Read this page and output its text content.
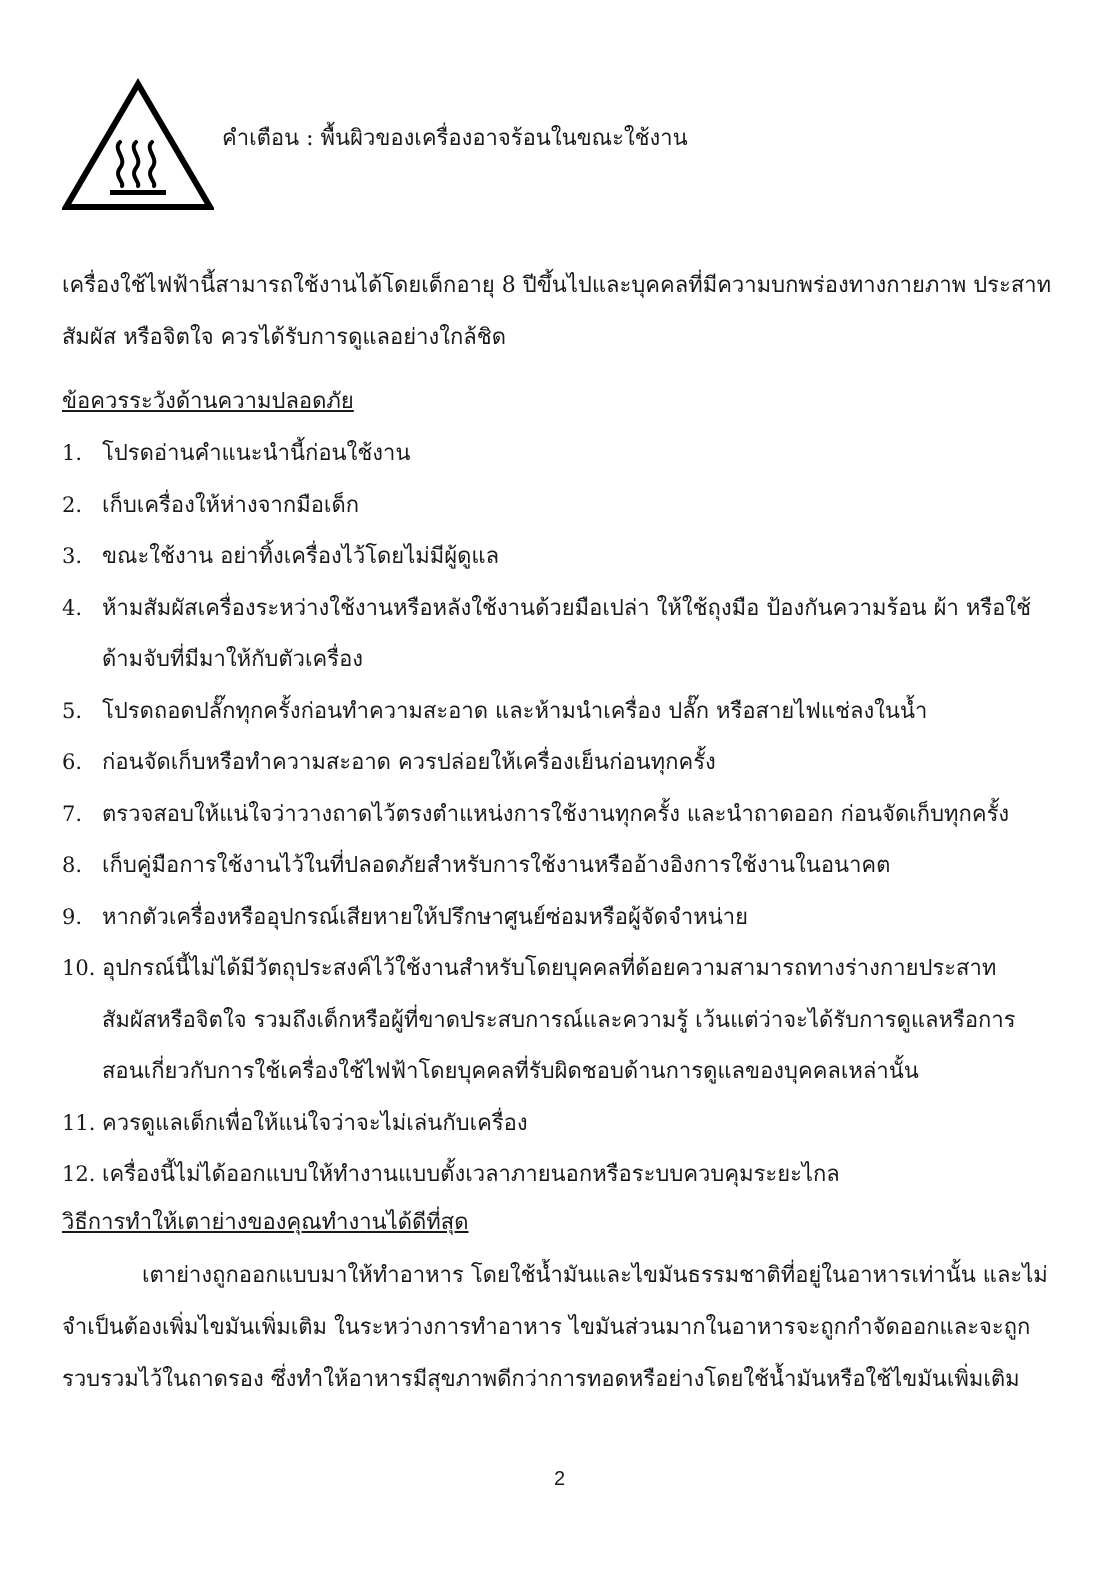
คำเตือน : พื้นผิวของเครื่องอาจร้อนในขณะใช้งาน

เครื่องใช้ไฟฟ้านี้สามารถใช้งานได้โดยเด็กอายุ 8 ปีขึ้นไปและบุคคลที่มีความบกพร่องทางกายภาพ ประสาท

สัมผัส หรือจิตใจ ควรได้รับการดูแลอย่างใกล้ชิด

ข้อควรระวังด้านความปลอดภัย
1. โปรดอ่านคำแนะนำนี้ก่อนใช้งาน
2. เก็บเครื่องให้ห่างจากมือเด็ก
3. ขณะใช้งาน อย่าทิ้งเครื่องไว้โดยไม่มีผู้ดูแล
4. ห้ามสัมผัสเครื่องระหว่างใช้งานหรือหลังใช้งานด้วยมือเปล่า ให้ใช้ถุงมือ ป้องกันความร้อน ผ้า หรือใช้
ด้ามจับที่มีมาให้กับตัวเครื่อง
5. โปรดถอดปลั๊กทุกครั้งก่อนทำความสะอาด และห้ามนำเครื่อง ปลั๊ก หรือสายไฟแช่ลงในน้ำ
6. ก่อนจัดเก็บหรือทำความสะอาด ควรปล่อยให้เครื่องเย็นก่อนทุกครั้ง
7. ตรวจสอบให้แน่ใจว่าวางถาดไว้ตรงตำแหน่งการใช้งานทุกครั้ง และนำถาดออก ก่อนจัดเก็บทุกครั้ง
8. เก็บคู่มือการใช้งานไว้ในที่ปลอดภัยสำหรับการใช้งานหรืออ้างอิงการใช้งานในอนาคต
9. หากตัวเครื่องหรืออุปกรณ์เสียหายให้ปรึกษาศูนย์ซ่อมหรือผู้จัดจำหน่าย
10. อุปกรณ์นี้ไม่ได้มีวัตถุประสงค์ไว้ใช้งานสำหรับโดยบุคคลที่ด้อยความสามารถทางร่างกายประสาท
สัมผัสหรือจิตใจ รวมถึงเด็กหรือผู้ที่ขาดประสบการณ์และความรู้ เว้นแต่ว่าจะได้รับการดูแลหรือการ
สอนเกี่ยวกับการใช้เครื่องใช้ไฟฟ้าโดยบุคคลที่รับผิดชอบด้านการดูแลของบุคคลเหล่านั้น
11. ควรดูแลเด็กเพื่อให้แน่ใจว่าจะไม่เล่นกับเครื่อง
12. เครื่องนี้ไม่ได้ออกแบบให้ทำงานแบบตั้งเวลาภายนอกหรือระบบควบคุมระยะไกล
วิธีการทำให้เตาย่างของคุณทำงานได้ดีที่สุด

เตาย่างถูกออกแบบมาให้ทำอาหาร โดยใช้น้ำมันและไขมันธรรมชาติที่อยู่ในอาหารเท่านั้น และไม่

จำเป็นต้องเพิ่มไขมันเพิ่มเติม ในระหว่างการทำอาหาร ไขมันส่วนมากในอาหารจะถูกกำจัดออกและจะถูก

รวบรวมไว้ในถาดรอง ซึ่งทำให้อาหารมีสุขภาพดีกว่าการทอดหรือย่างโดยใช้น้ำมันหรือใช้ไขมันเพิ่มเติม

2
